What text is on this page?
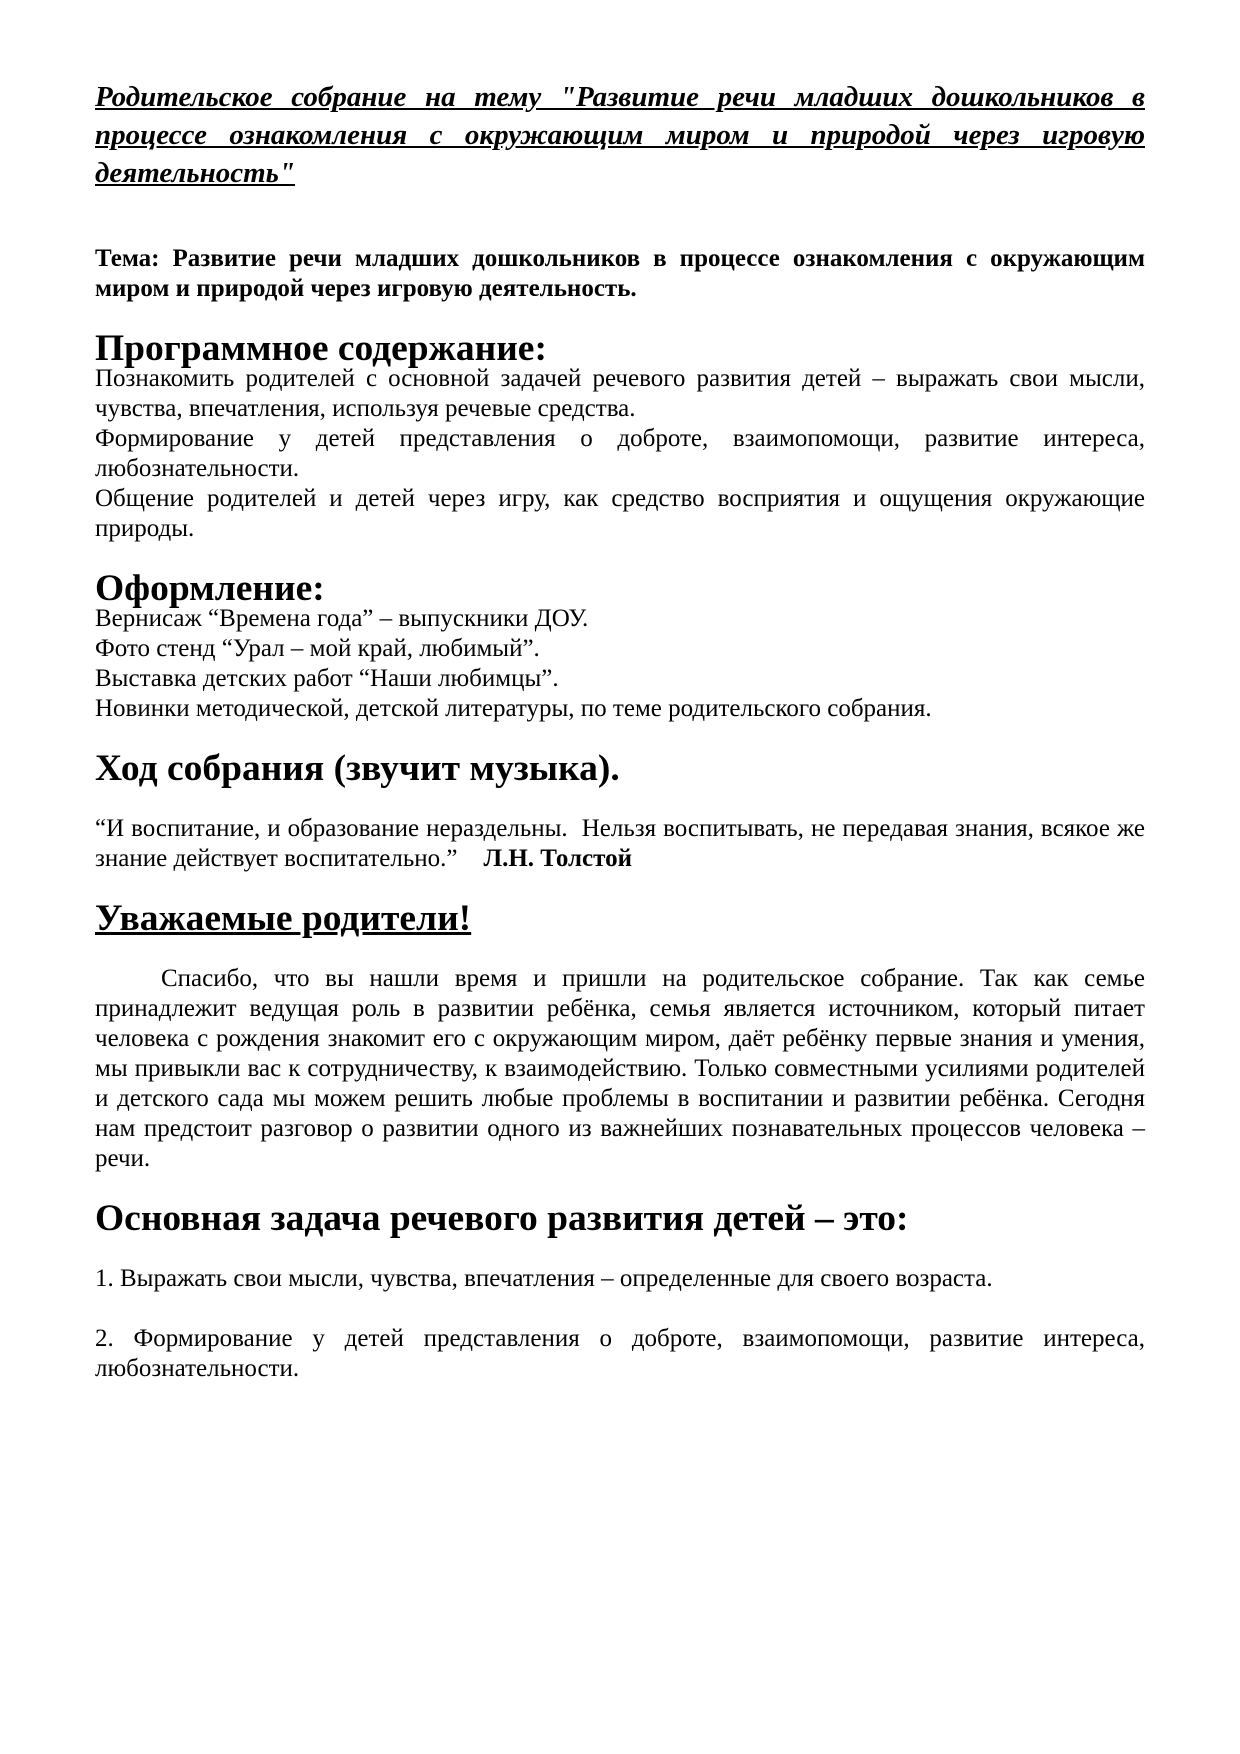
Родительское собрание на тему "Развитие речи младших дошкольников в процессе ознакомления с окружающим миром и природой через игровую деятельность"

Тема: Развитие речи младших дошкольников в процессе ознакомления с окружающим миром и природой через игровую деятельность.

Программное содержание:

Познакомить родителей с основной задачей речевого развития детей – выражать свои мысли, чувства, впечатления, используя речевые средства.

Формирование у детей представления о доброте, взаимопомощи, развитие интереса, любознательности.

Общение родителей и детей через игру, как средство восприятия и ощущения окружающие природы.

Оформление:

Вернисаж “Времена года” – выпускники ДОУ.

Фото стенд “Урал – мой край, любимый”.

Выставка детских работ “Наши любимцы”.

Новинки методической, детской литературы, по теме родительского собрания.

Ход собрания (звучит музыка).

“И воспитание, и образование нераздельны.  Нельзя воспитывать, не передавая знания, всякое же знание действует воспитательно.” Л.Н. Толстой

Уважаемые родители!

Спасибо, что вы нашли время и пришли на родительское собрание. Так как семье принадлежит ведущая роль в развитии ребёнка, семья является источником, который питает человека с рождения знакомит его с окружающим миром, даёт ребёнку первые знания и умения, мы привыкли вас к сотрудничеству, к взаимодействию. Только совместными усилиями родителей и детского сада мы можем решить любые проблемы в воспитании и развитии ребёнка. Сегодня нам предстоит разговор о развитии одного из важнейших познавательных процессов человека – речи.

Основная задача речевого развития детей – это:

1. Выражать свои мысли, чувства, впечатления – определенные для своего возраста.

2. Формирование у детей представления о доброте, взаимопомощи, развитие интереса, любознательности.
